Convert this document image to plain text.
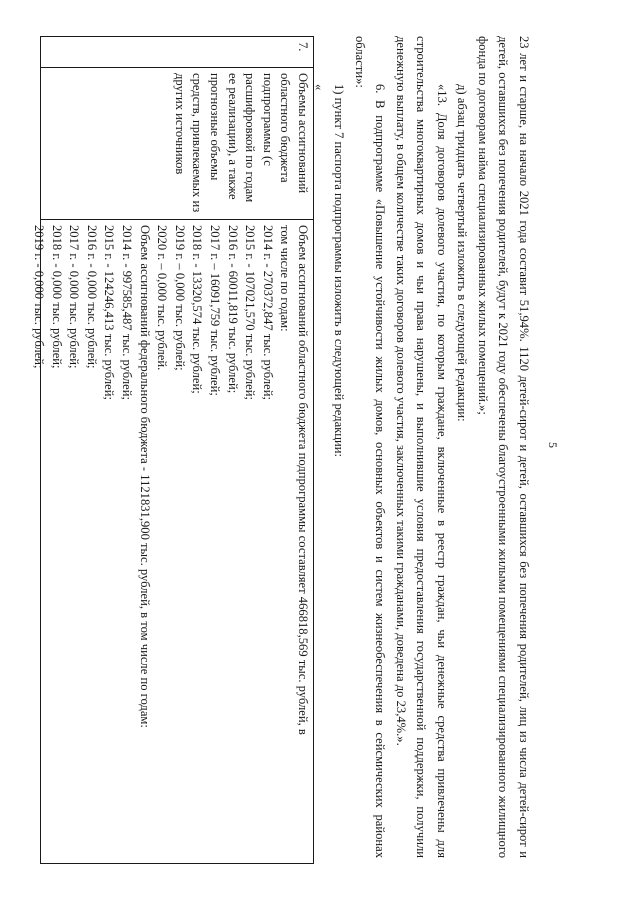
5

23 лет и старше, на начало 2021 года составит 51,94%. 1120 детей-сирот и детей, оставшихся без попечения родителей, лиц из числа детей-сирот и детей, оставшихся без попечения родителей, будут к 2021 году обеспечены благоустроенными жилыми помещениями специализированного жилищного фонда по договорам найма специализированных жилых помещений.»;

д) абзац тридцать четвертый изложить в следующей редакции:

«13. Доля договоров долевого участия, по которым граждане, включенные в реестр граждан, чьи денежные средства привлечены для строительства многоквартирных домов и чьи права нарушены, и выполнившие условия предоставления государственной поддержки, получили денежную выплату, в общем количестве таких договоров долевого участия, заключенных такими гражданами, доведена до 23,4%.».

6. В подпрограмме «Повышение устойчивости жилых домов, основных объектов и систем жизнеобеспечения в сейсмических районах области»:

1) пункт 7 паспорта подпрограммы изложить в следующей редакции:

«

7.
Объемы ассигнований
областного бюджета
подпрограммы (с
расшифровкой по годам
ее реализации), а также
прогнозные объемы
средств, привлекаемых из
других источников
Объем ассигнований областного бюджета подпрограммы составляет 466818,569 тыс. рублей, в
том числе по годам:
2014 г. - 270372,847 тыс. рублей;
2015 г. - 107021,570 тыс. рублей;
2016 г. - 60011,819 тыс. рублей;
2017 г. – 16091,759 тыс. рублей;
2018 г. - 13320,574 тыс. рублей;
2019 г. – 0,000 тыс. рублей;
2020 г. – 0,000 тыс. рублей.
Объем ассигнований федерального бюджета - 1121831,900 тыс. рублей, в том числе по годам:
2014 г. - 997585,487 тыс. рублей;
2015 г. - 124246,413 тыс. рублей;
2016 г. - 0,000 тыс. рублей;
2017 г. - 0,000 тыс. рублей;
2018 г. - 0,000 тыс. рублей;
2019 г. - 0,000 тыс. рублей;
